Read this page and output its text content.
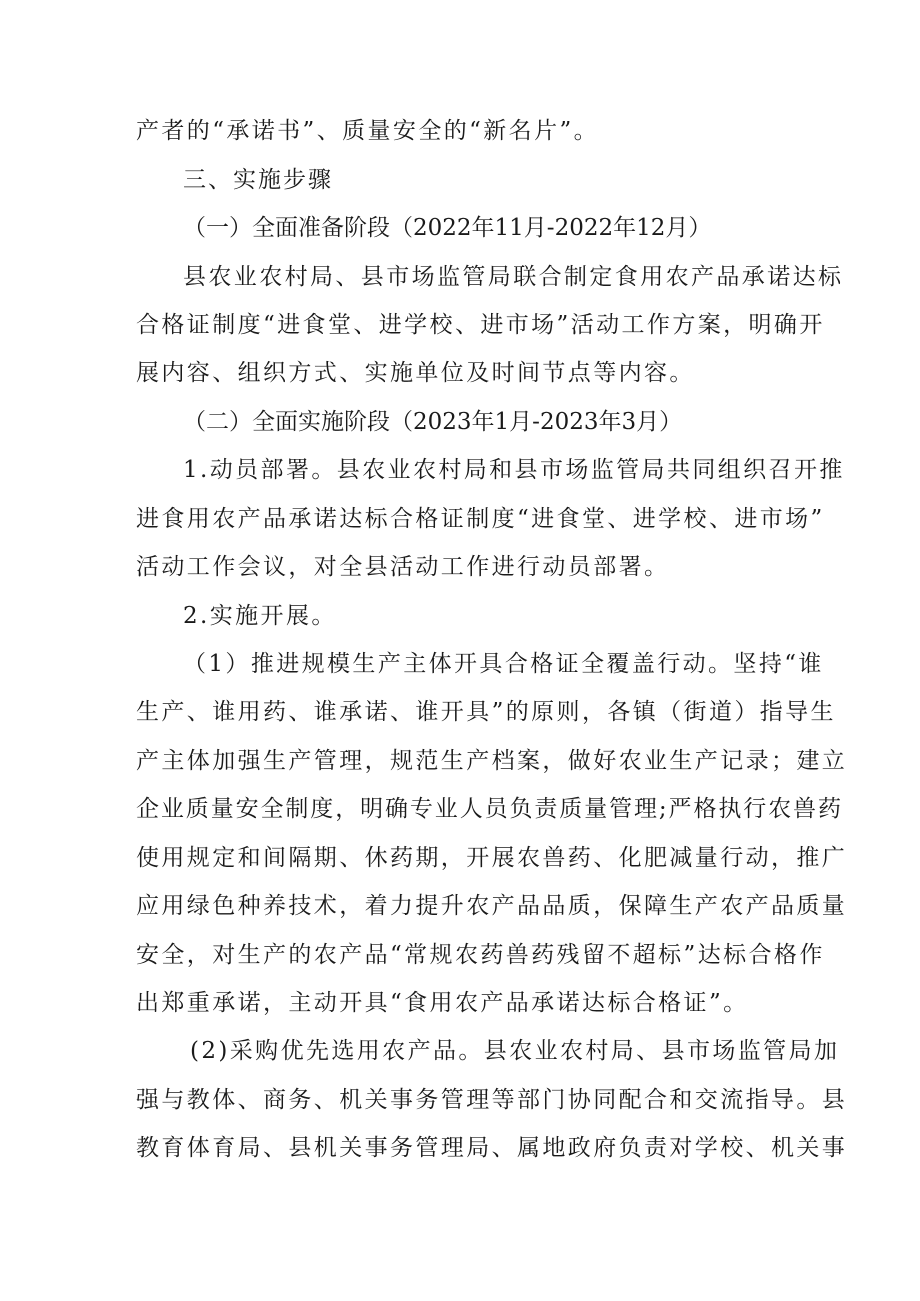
产者的“承诺书”、质量安全的“新名片”。
三、实施步骤
（一）全面准备阶段（2022年11月-2022年12月）
县农业农村局、县市场监管局联合制定食用农产品承诺达标
合格证制度“进食堂、进学校、进市场”活动工作方案，明确开
展内容、组织方式、实施单位及时间节点等内容。
（二）全面实施阶段（2023年1月-2023年3月）
1.动员部署。县农业农村局和县市场监管局共同组织召开推
进食用农产品承诺达标合格证制度“进食堂、进学校、进市场”
活动工作会议，对全县活动工作进行动员部署。
2.实施开展。
（1）推进规模生产主体开具合格证全覆盖行动。坚持“谁
生产、谁用药、谁承诺、谁开具”的原则，各镇（街道）指导生
产主体加强生产管理，规范生产档案，做好农业生产记录；建立
企业质量安全制度，明确专业人员负责质量管理;严格执行农兽药
使用规定和间隔期、休药期，开展农兽药、化肥减量行动，推广
应用绿色种养技术，着力提升农产品品质，保障生产农产品质量
安全，对生产的农产品“常规农药兽药残留不超标”达标合格作
出郑重承诺，主动开具“食用农产品承诺达标合格证”。
(2)采购优先选用农产品。县农业农村局、县市场监管局加
强与教体、商务、机关事务管理等部门协同配合和交流指导。县
教育体育局、县机关事务管理局、属地政府负责对学校、机关事
